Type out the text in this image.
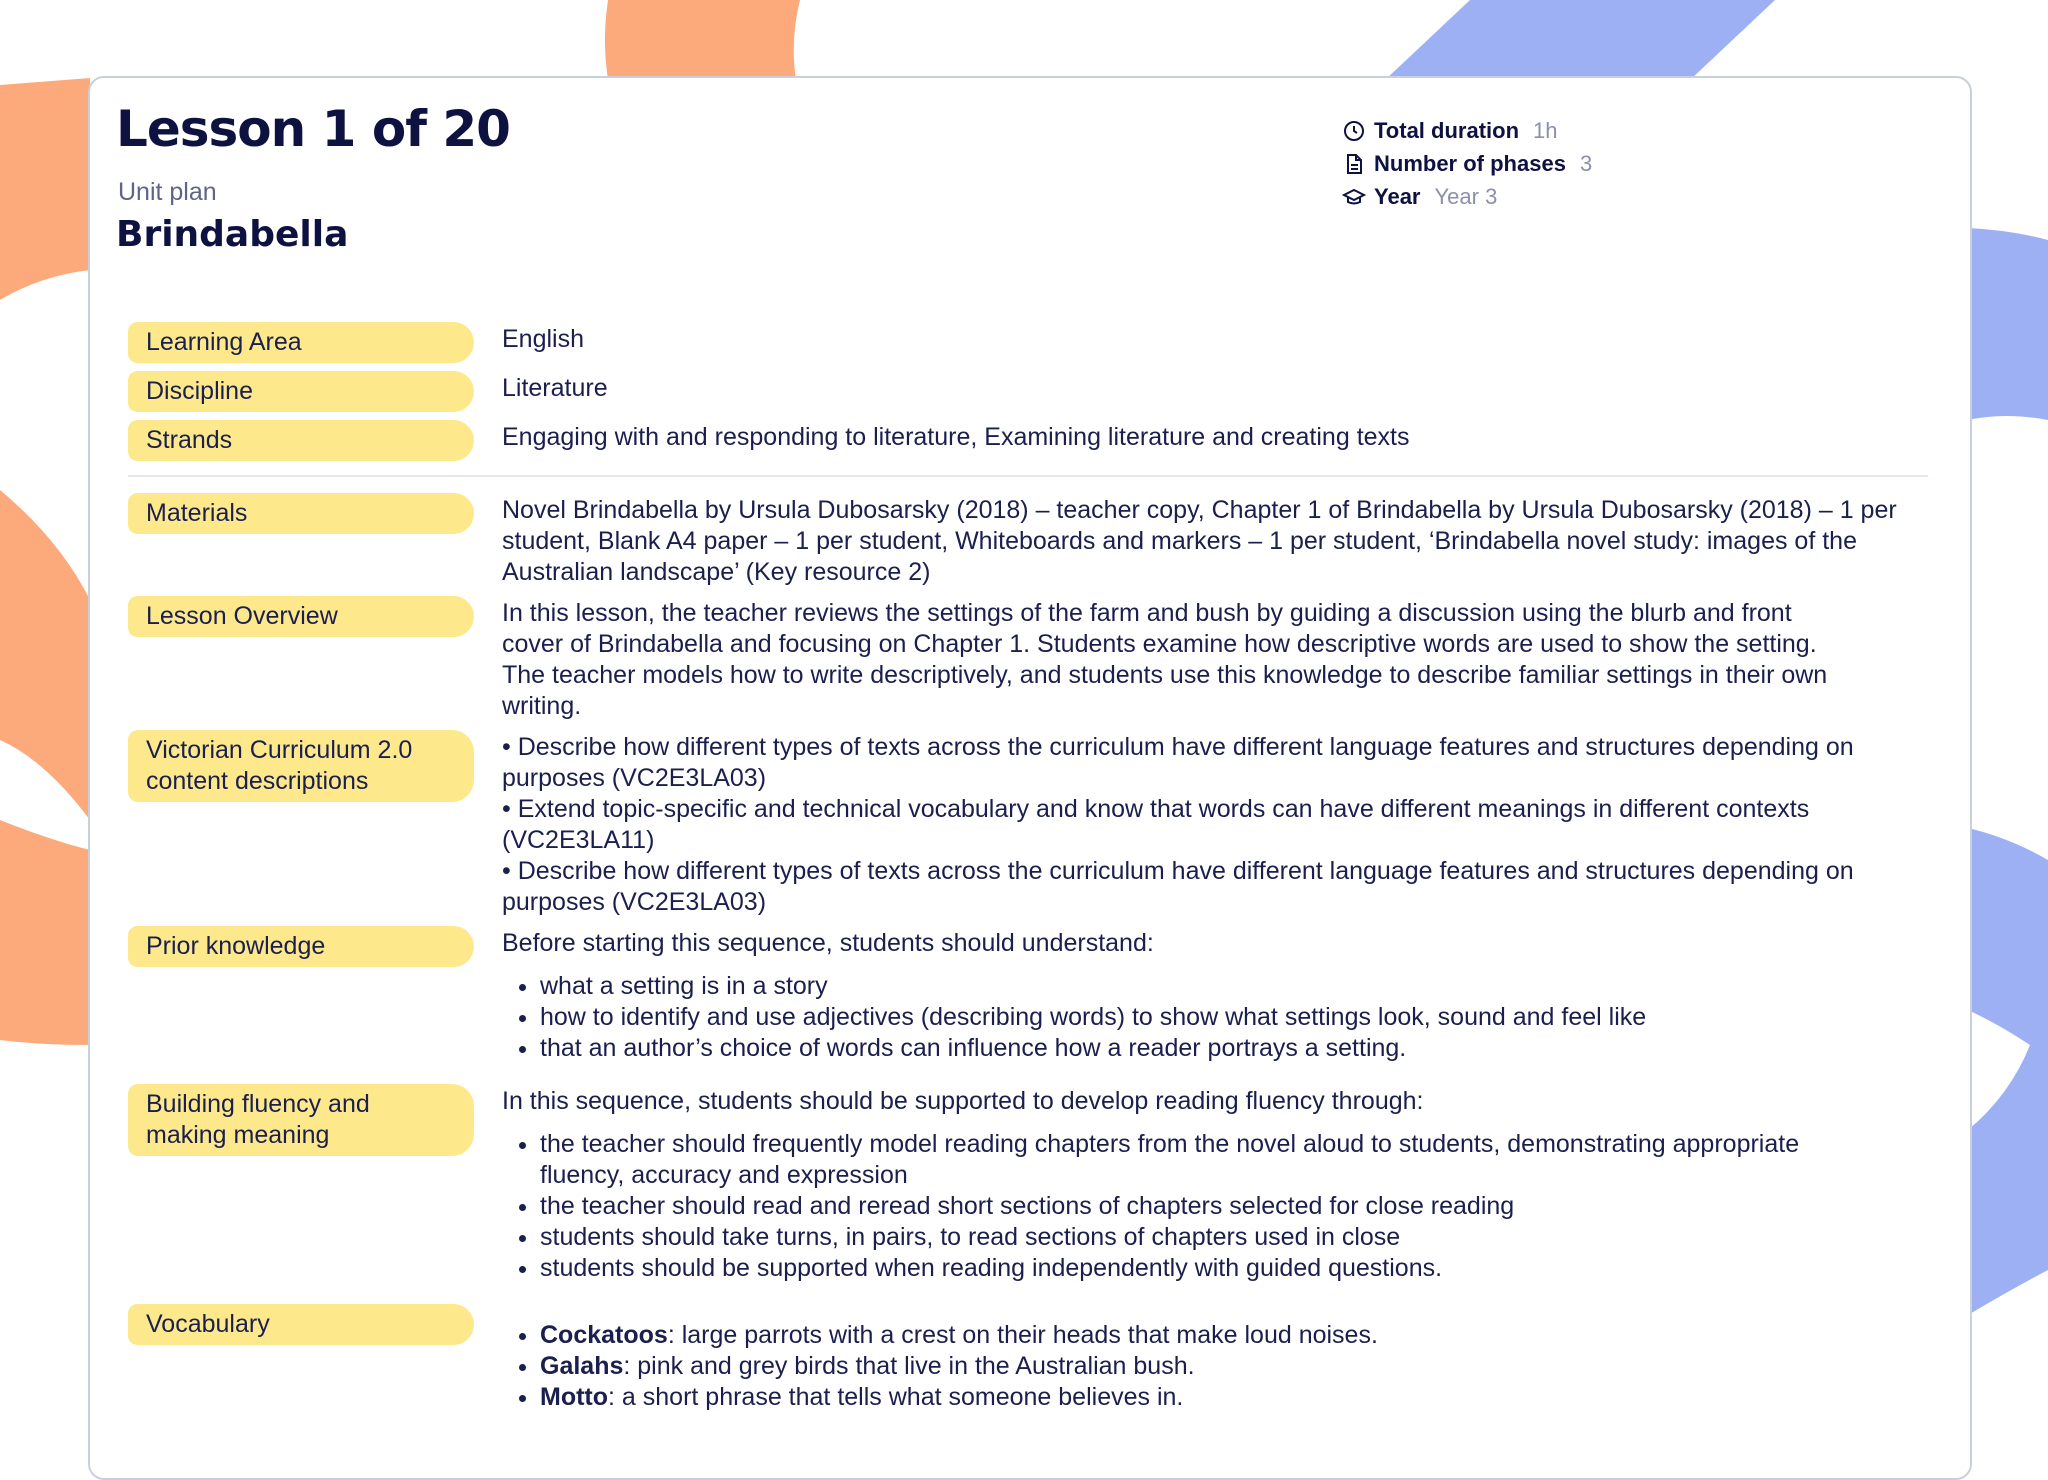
Lesson 1 of 20
Unit plan
Brindabella
Total duration 1h
Number of phases 3
Year Year 3
Learning Area	English
Discipline	Literature
Strands	Engaging with and responding to literature, Examining literature and creating texts
Materials	Novel Brindabella by Ursula Dubosarsky (2018) – teacher copy, Chapter 1 of Brindabella by Ursula Dubosarsky (2018) – 1 per student, Blank A4 paper – 1 per student, Whiteboards and markers – 1 per student, ‘Brindabella novel study: images of the Australian landscape’ (Key resource 2)
Lesson Overview	In this lesson, the teacher reviews the settings of the farm and bush by guiding a discussion using the blurb and front cover of Brindabella and focusing on Chapter 1. Students examine how descriptive words are used to show the setting. The teacher models how to write descriptively, and students use this knowledge to describe familiar settings in their own writing.
Victorian Curriculum 2.0 content descriptions

• Describe how different types of texts across the curriculum have different language features and structures depending on purposes (VC2E3LA03)

• Extend topic-specific and technical vocabulary and know that words can have different meanings in different contexts (VC2E3LA11)

• Describe how different types of texts across the curriculum have different language features and structures depending on purposes (VC2E3LA03)

Prior knowledge	Before starting this sequence, students should understand:

• what a setting is in a story
• how to identify and use adjectives (describing words) to show what settings look, sound and feel like
• that an author’s choice of words can influence how a reader portrays a setting.
Building fluency and making meaning

In this sequence, students should be supported to develop reading fluency through:

• the teacher should frequently model reading chapters from the novel aloud to students, demonstrating appropriate fluency, accuracy and expression
• the teacher should read and reread short sections of chapters selected for close reading
• students should take turns, in pairs, to read sections of chapters used in close
• students should be supported when reading independently with guided questions.
Vocabulary
•	Cockatoos: large parrots with a crest on their heads that make loud noises.
• Galahs: pink and grey birds that live in the Australian bush.
• Motto: a short phrase that tells what someone believes in.
